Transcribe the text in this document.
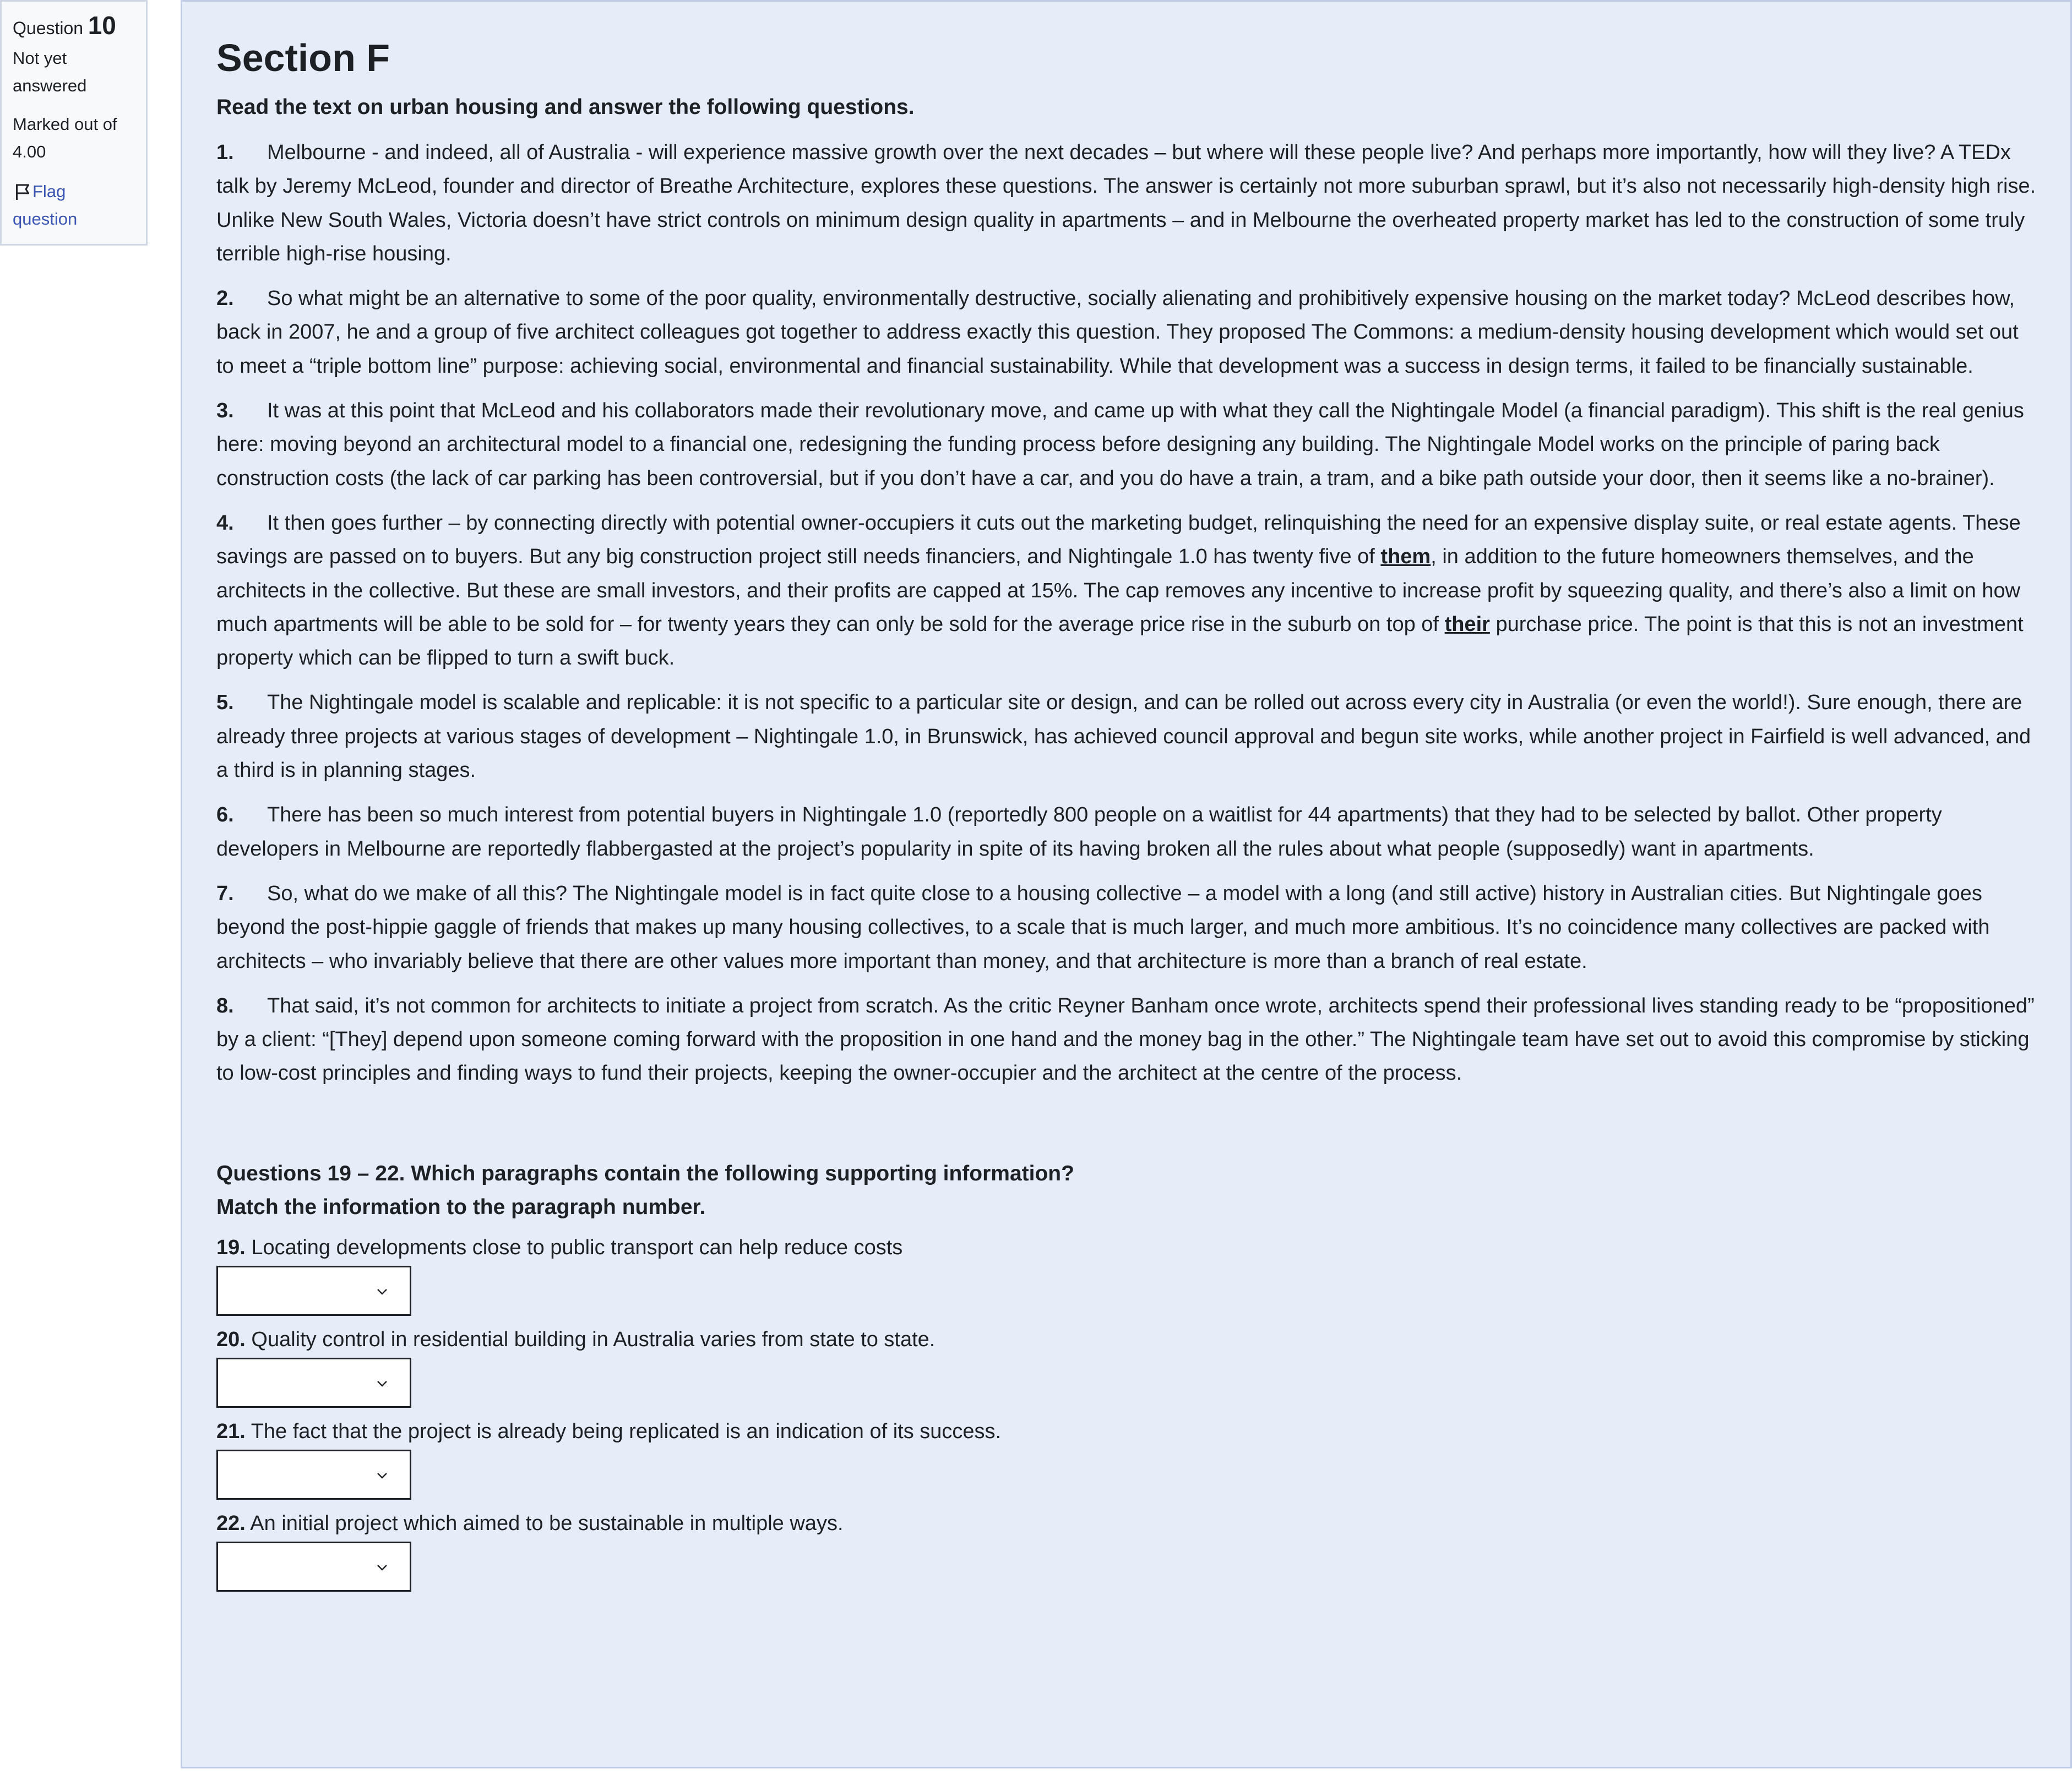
Question 10
Not yet
answered
Marked out of
4.00
Flag
question
Section F
Read the text on urban housing and answer the following questions.
1. Melbourne - and indeed, all of Australia - will experience massive growth over the next decades – but where will these people live? And perhaps more importantly, how will they live? A TEDx talk by Jeremy McLeod, founder and director of Breathe Architecture, explores these questions. The answer is certainly not more suburban sprawl, but it’s also not necessarily high-density high rise. Unlike New South Wales, Victoria doesn’t have strict controls on minimum design quality in apartments – and in Melbourne the overheated property market has led to the construction of some truly terrible high-rise housing.
2. So what might be an alternative to some of the poor quality, environmentally destructive, socially alienating and prohibitively expensive housing on the market today? McLeod describes how, back in 2007, he and a group of five architect colleagues got together to address exactly this question. They proposed The Commons: a medium-density housing development which would set out to meet a “triple bottom line” purpose: achieving social, environmental and financial sustainability. While that development was a success in design terms, it failed to be financially sustainable.
3. It was at this point that McLeod and his collaborators made their revolutionary move, and came up with what they call the Nightingale Model (a financial paradigm). This shift is the real genius here: moving beyond an architectural model to a financial one, redesigning the funding process before designing any building. The Nightingale Model works on the principle of paring back construction costs (the lack of car parking has been controversial, but if you don’t have a car, and you do have a train, a tram, and a bike path outside your door, then it seems like a no-brainer).
4. It then goes further – by connecting directly with potential owner-occupiers it cuts out the marketing budget, relinquishing the need for an expensive display suite, or real estate agents. These savings are passed on to buyers. But any big construction project still needs financiers, and Nightingale 1.0 has twenty five of them, in addition to the future homeowners themselves, and the architects in the collective. But these are small investors, and their profits are capped at 15%. The cap removes any incentive to increase profit by squeezing quality, and there’s also a limit on how much apartments will be able to be sold for – for twenty years they can only be sold for the average price rise in the suburb on top of their purchase price. The point is that this is not an investment property which can be flipped to turn a swift buck.
5. The Nightingale model is scalable and replicable: it is not specific to a particular site or design, and can be rolled out across every city in Australia (or even the world!). Sure enough, there are already three projects at various stages of development – Nightingale 1.0, in Brunswick, has achieved council approval and begun site works, while another project in Fairfield is well advanced, and a third is in planning stages.
6. There has been so much interest from potential buyers in Nightingale 1.0 (reportedly 800 people on a waitlist for 44 apartments) that they had to be selected by ballot. Other property developers in Melbourne are reportedly flabbergasted at the project’s popularity in spite of its having broken all the rules about what people (supposedly) want in apartments.
7. So, what do we make of all this? The Nightingale model is in fact quite close to a housing collective – a model with a long (and still active) history in Australian cities. But Nightingale goes beyond the post-hippie gaggle of friends that makes up many housing collectives, to a scale that is much larger, and much more ambitious. It’s no coincidence many collectives are packed with architects – who invariably believe that there are other values more important than money, and that architecture is more than a branch of real estate.
8. That said, it’s not common for architects to initiate a project from scratch. As the critic Reyner Banham once wrote, architects spend their professional lives standing ready to be “propositioned” by a client: “[They] depend upon someone coming forward with the proposition in one hand and the money bag in the other.” The Nightingale team have set out to avoid this compromise by sticking to low-cost principles and finding ways to fund their projects, keeping the owner-occupier and the architect at the centre of the process.
Questions 19 – 22. Which paragraphs contain the following supporting information?
Match the information to the paragraph number.
19. Locating developments close to public transport can help reduce costs
20. Quality control in residential building in Australia varies from state to state.
21. The fact that the project is already being replicated is an indication of its success.
22. An initial project which aimed to be sustainable in multiple ways.
